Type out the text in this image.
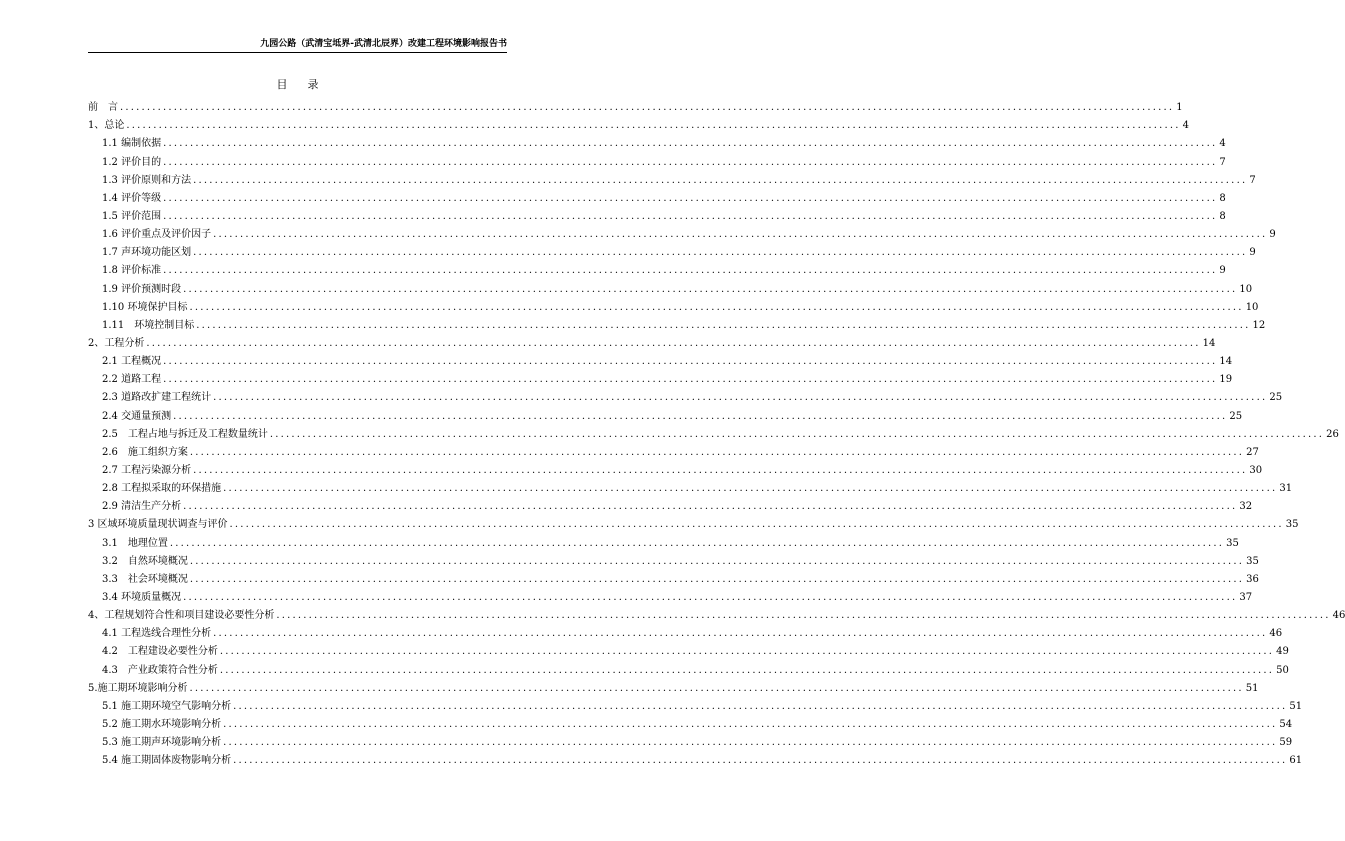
九园公路（武清宝坻界-武清北辰界）改建工程环境影响报告书
目录
前　言 .................................................................................................................................................................................................... 1
1、总论 .................................................................................................................................................................................................... 4
1.1 编制依据 .................................................................................................................................................................................................... 4
1.2 评价目的 .................................................................................................................................................................................................... 7
1.3 评价原则和方法 .................................................................................................................................................................................................... 7
1.4 评价等级 .................................................................................................................................................................................................... 8
1.5 评价范围 .................................................................................................................................................................................................... 8
1.6 评价重点及评价因子 .................................................................................................................................................................................................... 9
1.7 声环境功能区划 .................................................................................................................................................................................................... 9
1.8 评价标准 .................................................................................................................................................................................................... 9
1.9 评价预测时段 .................................................................................................................................................................................................... 10
1.10 环境保护目标 .................................................................................................................................................................................................... 10
1.11　环境控制目标 .................................................................................................................................................................................................... 12
2、工程分析 .................................................................................................................................................................................................... 14
2.1 工程概况 .................................................................................................................................................................................................... 14
2.2 道路工程 .................................................................................................................................................................................................... 19
2.3 道路改扩建工程统计 .................................................................................................................................................................................................... 25
2.4 交通量预测 .................................................................................................................................................................................................... 25
2.5　工程占地与拆迁及工程数量统计 .................................................................................................................................................................................................... 26
2.6　施工组织方案 .................................................................................................................................................................................................... 27
2.7 工程污染源分析 .................................................................................................................................................................................................... 30
2.8 工程拟采取的环保措施 .................................................................................................................................................................................................... 31
2.9 清洁生产分析 .................................................................................................................................................................................................... 32
3 区域环境质量现状调查与评价 .................................................................................................................................................................................................... 35
3.1　地理位置 .................................................................................................................................................................................................... 35
3.2　自然环境概况 .................................................................................................................................................................................................... 35
3.3　社会环境概况 .................................................................................................................................................................................................... 36
3.4 环境质量概况 .................................................................................................................................................................................................... 37
4、工程规划符合性和项目建设必要性分析 .................................................................................................................................................................................................... 46
4.1 工程选线合理性分析 .................................................................................................................................................................................................... 46
4.2　工程建设必要性分析 .................................................................................................................................................................................................... 49
4.3　产业政策符合性分析 .................................................................................................................................................................................................... 50
5.施工期环境影响分析 .................................................................................................................................................................................................... 51
5.1 施工期环境空气影响分析 .................................................................................................................................................................................................... 51
5.2 施工期水环境影响分析 .................................................................................................................................................................................................... 54
5.3 施工期声环境影响分析 .................................................................................................................................................................................................... 59
5.4 施工期固体废物影响分析 .................................................................................................................................................................................................... 61
